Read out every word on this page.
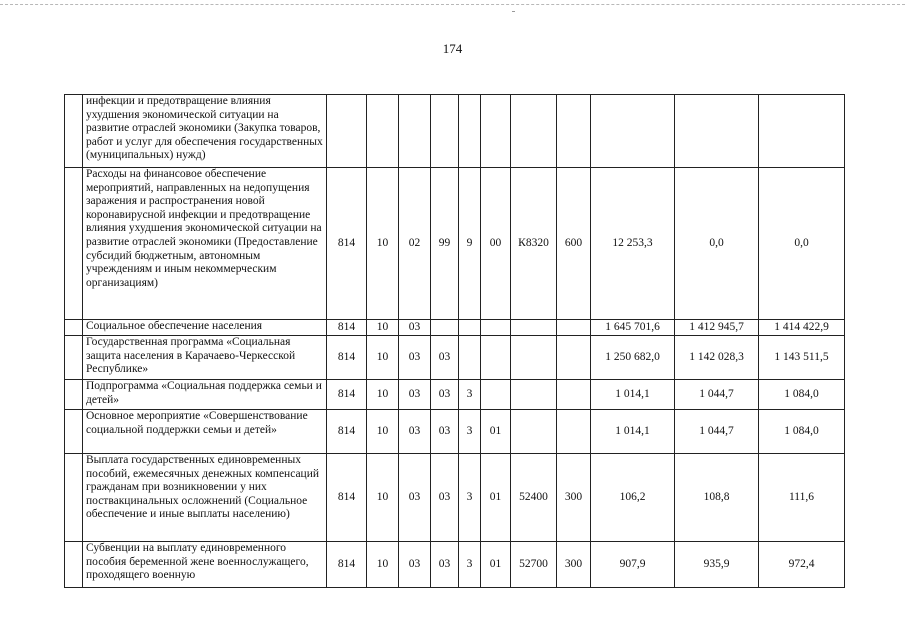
174
	инфекции и предотвращение влияния ухудшения экономической ситуации на развитие отраслей экономики (Закупка товаров, работ и услуг для обеспечения государственных (муниципальных) нужд)											
	Расходы на финансовое обеспечение мероприятий, направленных на недопущения заражения и распространения новой коронавирусной инфекции и предотвращение влияния ухудшения экономической ситуации на развитие отраслей экономики (Предоставление субсидий бюджетным, автономным учреждениям и иным некоммерческим организациям)	814	10	02	99	9	00	К8320	600	12 253,3	0,0	0,0
	Социальное обеспечение населения	814	10	03						1 645 701,6	1 412 945,7	1 414 422,9
	Государственная программа «Социальная защита населения в Карачаево-Черкесской Республике»	814	10	03	03					1 250 682,0	1 142 028,3	1 143 511,5
	Подпрограмма «Социальная поддержка семьи и детей»	814	10	03	03	3				1 014,1	1 044,7	1 084,0
	Основное мероприятие «Совершенствование социальной поддержки семьи и детей»	814	10	03	03	3	01			1 014,1	1 044,7	1 084,0
	Выплата государственных единовременных пособий, ежемесячных денежных компенсаций гражданам при возникновении у них поствакцинальных осложнений (Социальное обеспечение и иные выплаты населению)	814	10	03	03	3	01	52400	300	106,2	108,8	111,6
	Субвенции на выплату единовременного пособия беременной жене военнослужащего, проходящего военную	814	10	03	03	3	01	52700	300	907,9	935,9	972,4
